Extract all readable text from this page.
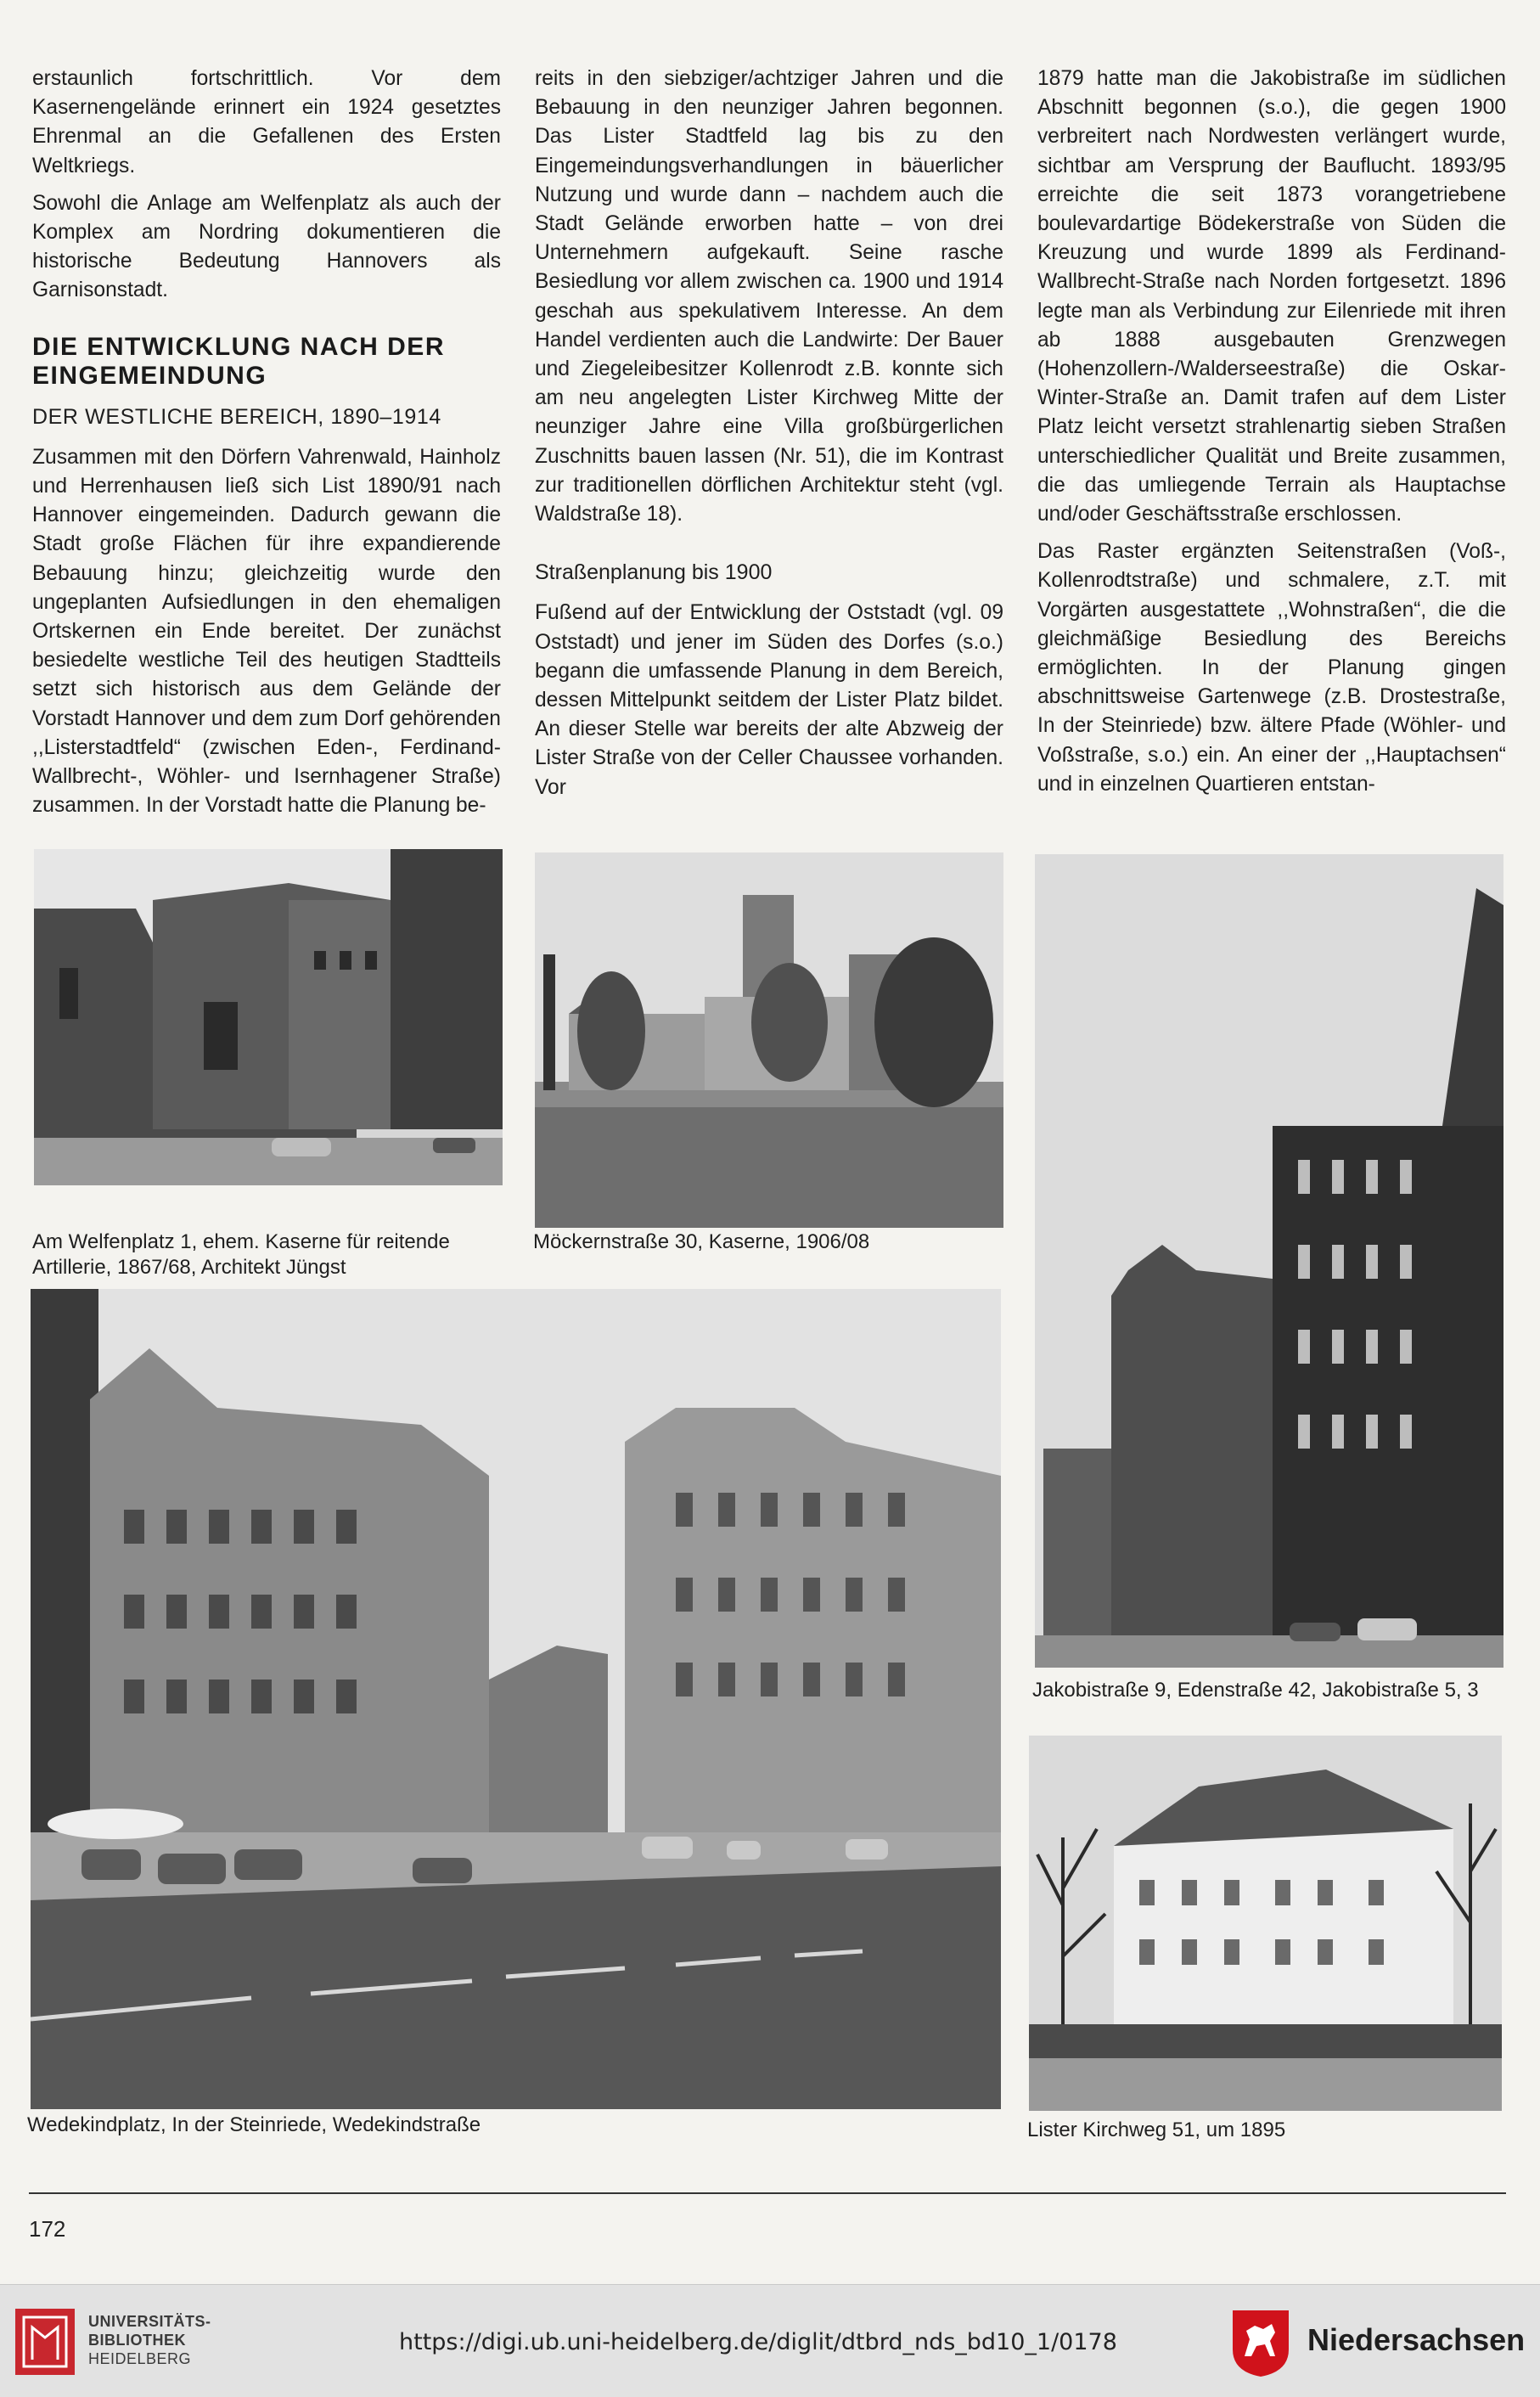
erstaunlich fortschrittlich. Vor dem Kasernengelände erinnert ein 1924 gesetztes Ehrenmal an die Gefallenen des Ersten Weltkriegs.

Sowohl die Anlage am Welfenplatz als auch der Komplex am Nordring dokumentieren die historische Bedeutung Hannovers als Garnisonstadt.

DIE ENTWICKLUNG NACH DER EINGEMEINDUNG
DER WESTLICHE BEREICH, 1890–1914

Zusammen mit den Dörfern Vahrenwald, Hainholz und Herrenhausen ließ sich List 1890/91 nach Hannover eingemeinden. Dadurch gewann die Stadt große Flächen für ihre expandierende Bebauung hinzu; gleichzeitig wurde den ungeplanten Aufsiedlungen in den ehemaligen Ortskernen ein Ende bereitet. Der zunächst besiedelte westliche Teil des heutigen Stadtteils setzt sich historisch aus dem Gelände der Vorstadt Hannover und dem zum Dorf gehörenden ,,Listerstadtfeld“ (zwischen Eden-, Ferdinand-Wallbrecht-, Wöhler- und Isernhagener Straße) zusammen. In der Vorstadt hatte die Planung be-

reits in den siebziger/achtziger Jahren und die Bebauung in den neunziger Jahren begonnen. Das Lister Stadtfeld lag bis zu den Eingemeindungsverhandlungen in bäuerlicher Nutzung und wurde dann – nachdem auch die Stadt Gelände erworben hatte – von drei Unternehmern aufgekauft. Seine rasche Besiedlung vor allem zwischen ca. 1900 und 1914 geschah aus spekulativem Interesse. An dem Handel verdienten auch die Landwirte: Der Bauer und Ziegeleibesitzer Kollenrodt z.B. konnte sich am neu angelegten Lister Kirchweg Mitte der neunziger Jahre eine Villa großbürgerlichen Zuschnitts bauen lassen (Nr. 51), die im Kontrast zur traditionellen dörflichen Architektur steht (vgl. Waldstraße 18).

Straßenplanung bis 1900

Fußend auf der Entwicklung der Oststadt (vgl. 09 Oststadt) und jener im Süden des Dorfes (s.o.) begann die umfassende Planung in dem Bereich, dessen Mittelpunkt seitdem der Lister Platz bildet. An dieser Stelle war bereits der alte Abzweig der Lister Straße von der Celler Chaussee vorhanden. Vor

1879 hatte man die Jakobistraße im südlichen Abschnitt begonnen (s.o.), die gegen 1900 verbreitert nach Nordwesten verlängert wurde, sichtbar am Versprung der Bauflucht. 1893/95 erreichte die seit 1873 vorangetriebene boulevardartige Bödekerstraße von Süden die Kreuzung und wurde 1899 als Ferdinand-Wallbrecht-Straße nach Norden fortgesetzt. 1896 legte man als Verbindung zur Eilenriede mit ihren ab 1888 ausgebauten Grenzwegen (Hohenzollern-/Walderseestraße) die Oskar-Winter-Straße an. Damit trafen auf dem Lister Platz leicht versetzt strahlenartig sieben Straßen unterschiedlicher Qualität und Breite zusammen, die das umliegende Terrain als Hauptachse und/oder Geschäftsstraße erschlossen.

Das Raster ergänzten Seitenstraßen (Voß-, Kollenrodtstraße) und schmalere, z.T. mit Vorgärten ausgestattete ,,Wohnstraßen“, die die gleichmäßige Besiedlung des Bereichs ermöglichten. In der Planung gingen abschnittsweise Gartenwege (z.B. Drostestraße, In der Steinriede) bzw. ältere Pfade (Wöhler- und Voßstraße, s.o.) ein. An einer der ,,Hauptachsen“ und in einzelnen Quartieren entstan-

Am Welfenplatz 1, ehem. Kaserne für reitende Artillerie, 1867/68, Architekt Jüngst
Möckernstraße 30, Kaserne, 1906/08
Jakobistraße 9, Edenstraße 42, Jakobistraße 5, 3
Wedekindplatz, In der Steinriede, Wedekindstraße	Lister Kirchweg 51, um 1895
172
UNIVERSITÄTS-
BIBLIOTHEK
HEIDELBERG
https://digi.ub.uni-heidelberg.de/diglit/dtbrd_nds_bd10_1/0178	Niedersachsen
